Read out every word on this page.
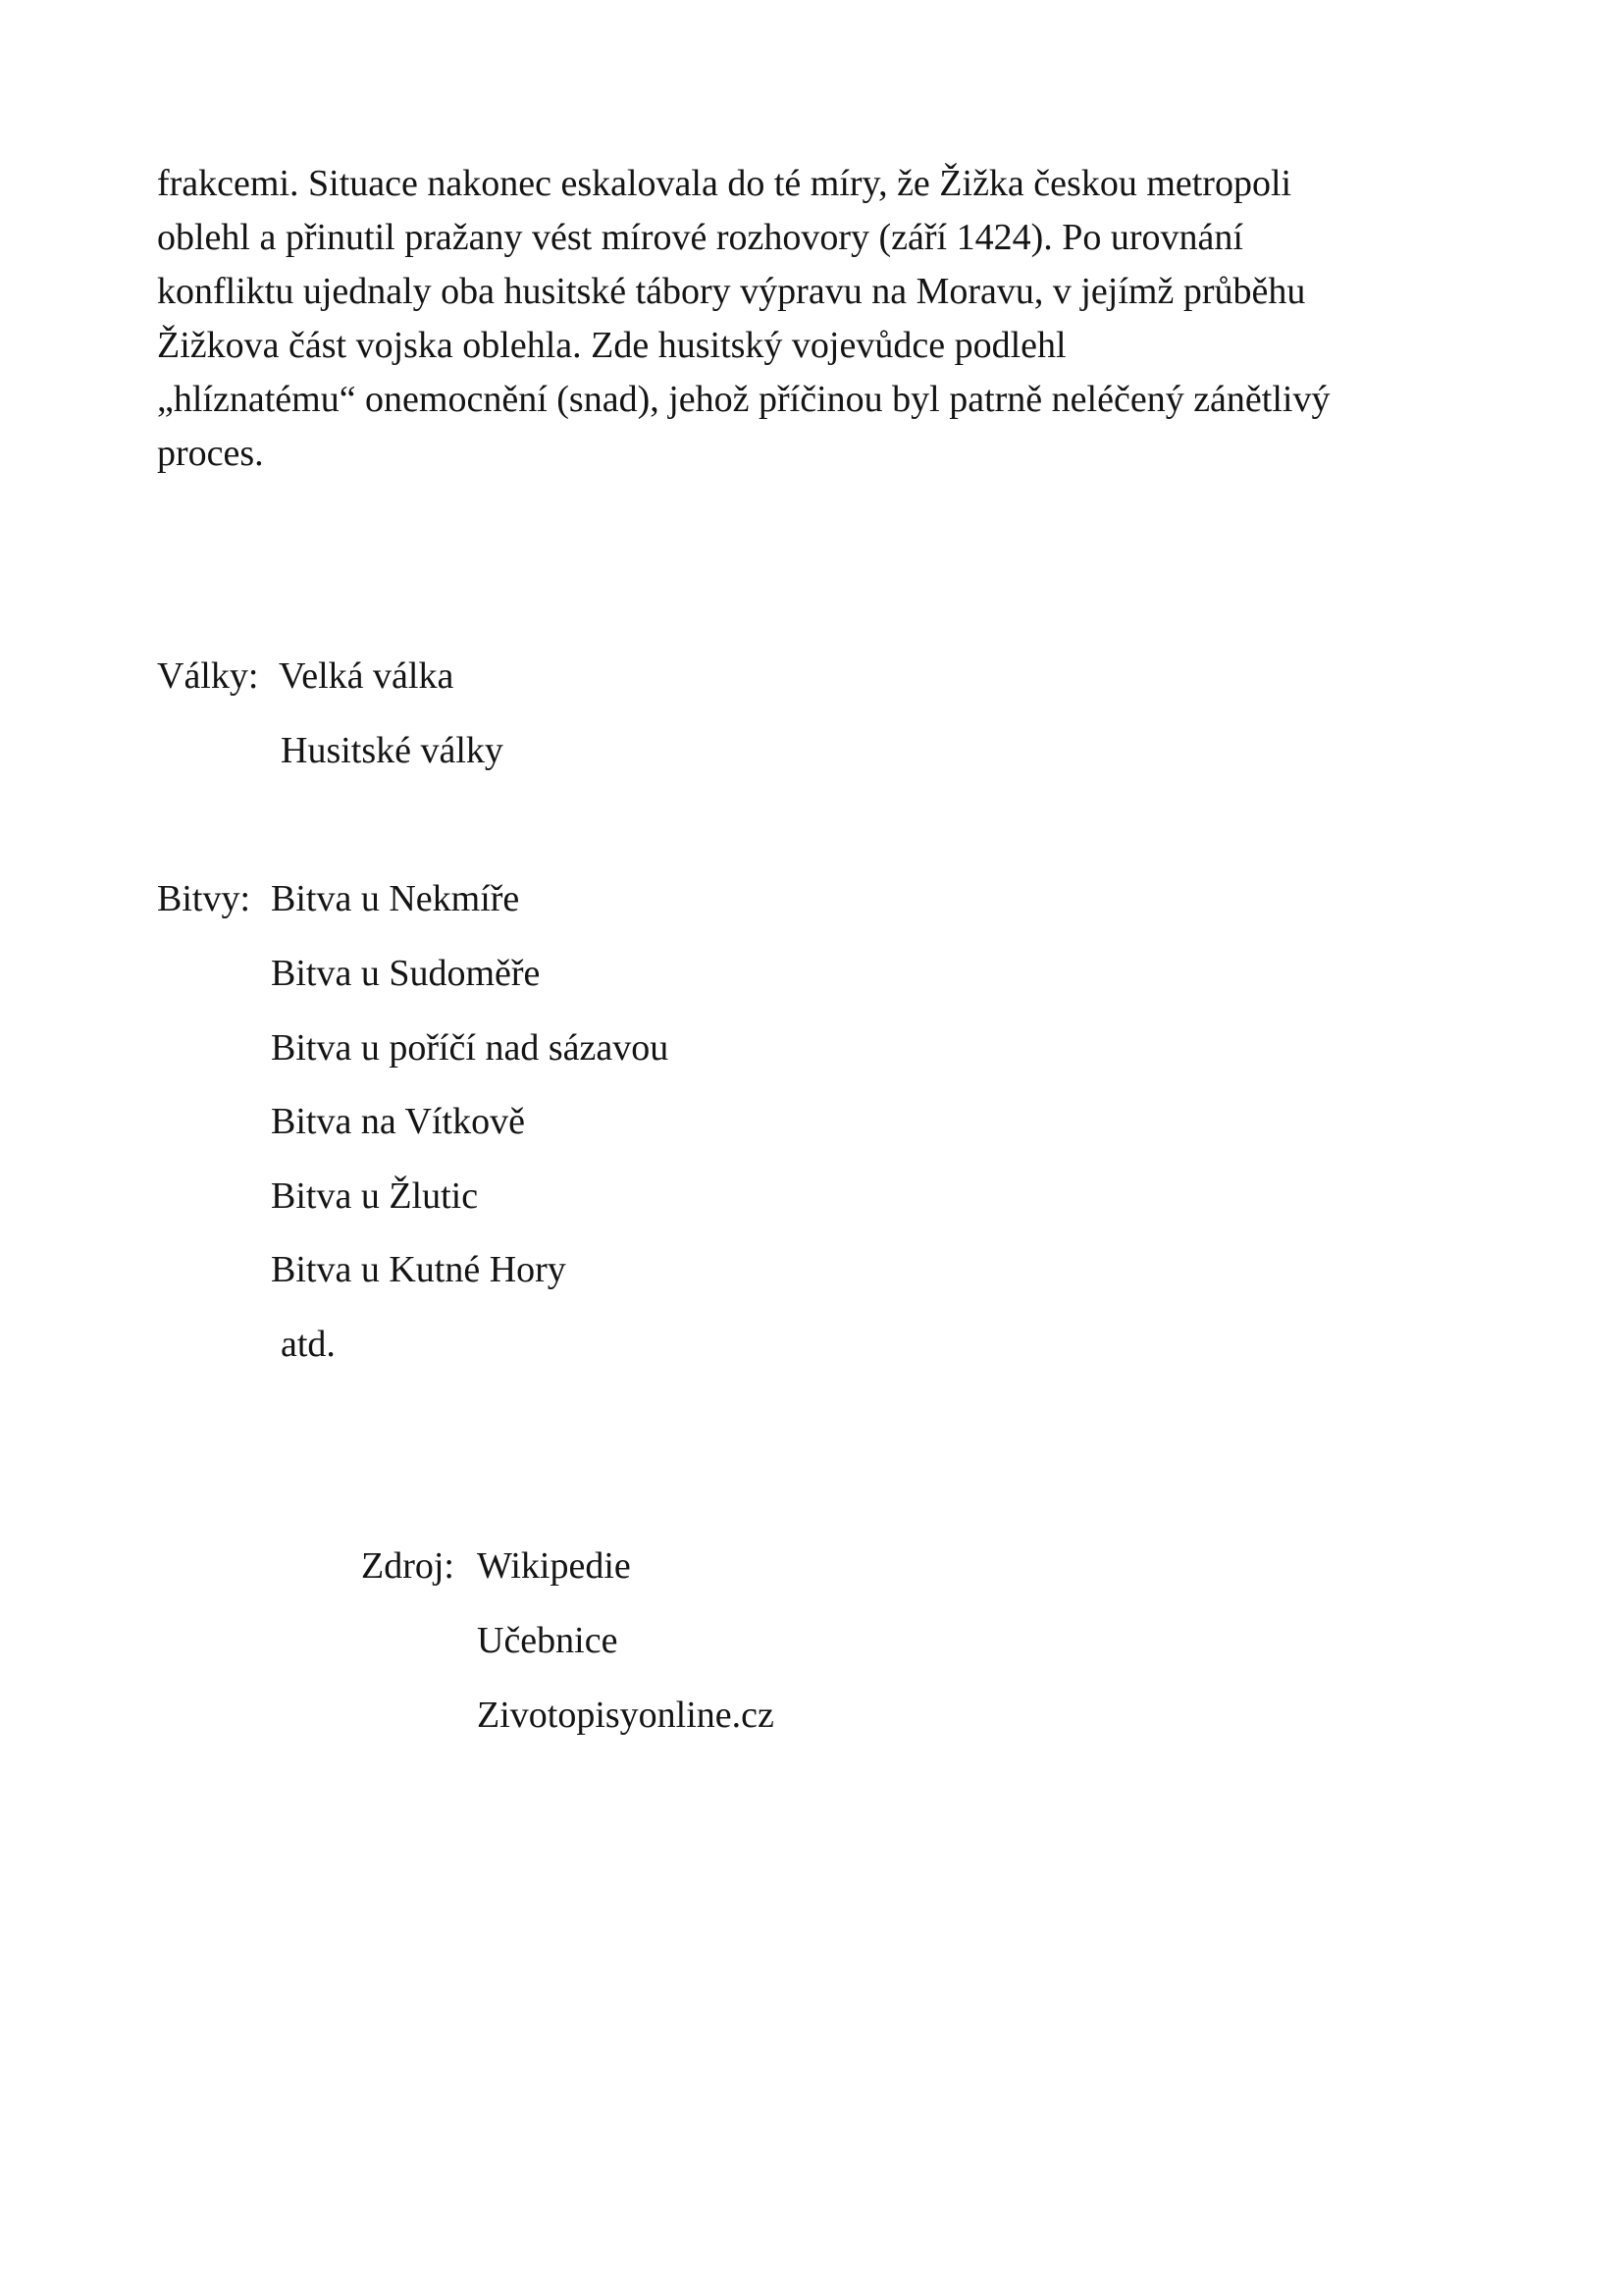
frakcemi. Situace nakonec eskalovala do té míry, že Žižka českou metropoli
oblehl a přinutil pražany vést mírové rozhovory (září 1424). Po urovnání
konfliktu ujednaly oba husitské tábory výpravu na Moravu, v jejímž průběhu
Žižkova část vojska oblehla. Zde husitský vojevůdce podlehl
„hlíznatému“ onemocnění (snad), jehož příčinou byl patrně neléčený zánětlivý
proces.
Války: Velká válka
Husitské války
Bitvy: Bitva u Nekmíře
Bitva u Sudoměře
Bitva u poříčí nad sázavou
Bitva na Vítkově
Bitva u Žlutic
Bitva u Kutné Hory
atd.
Zdroj: Wikipedie
Učebnice
Zivotopisyonline.cz
